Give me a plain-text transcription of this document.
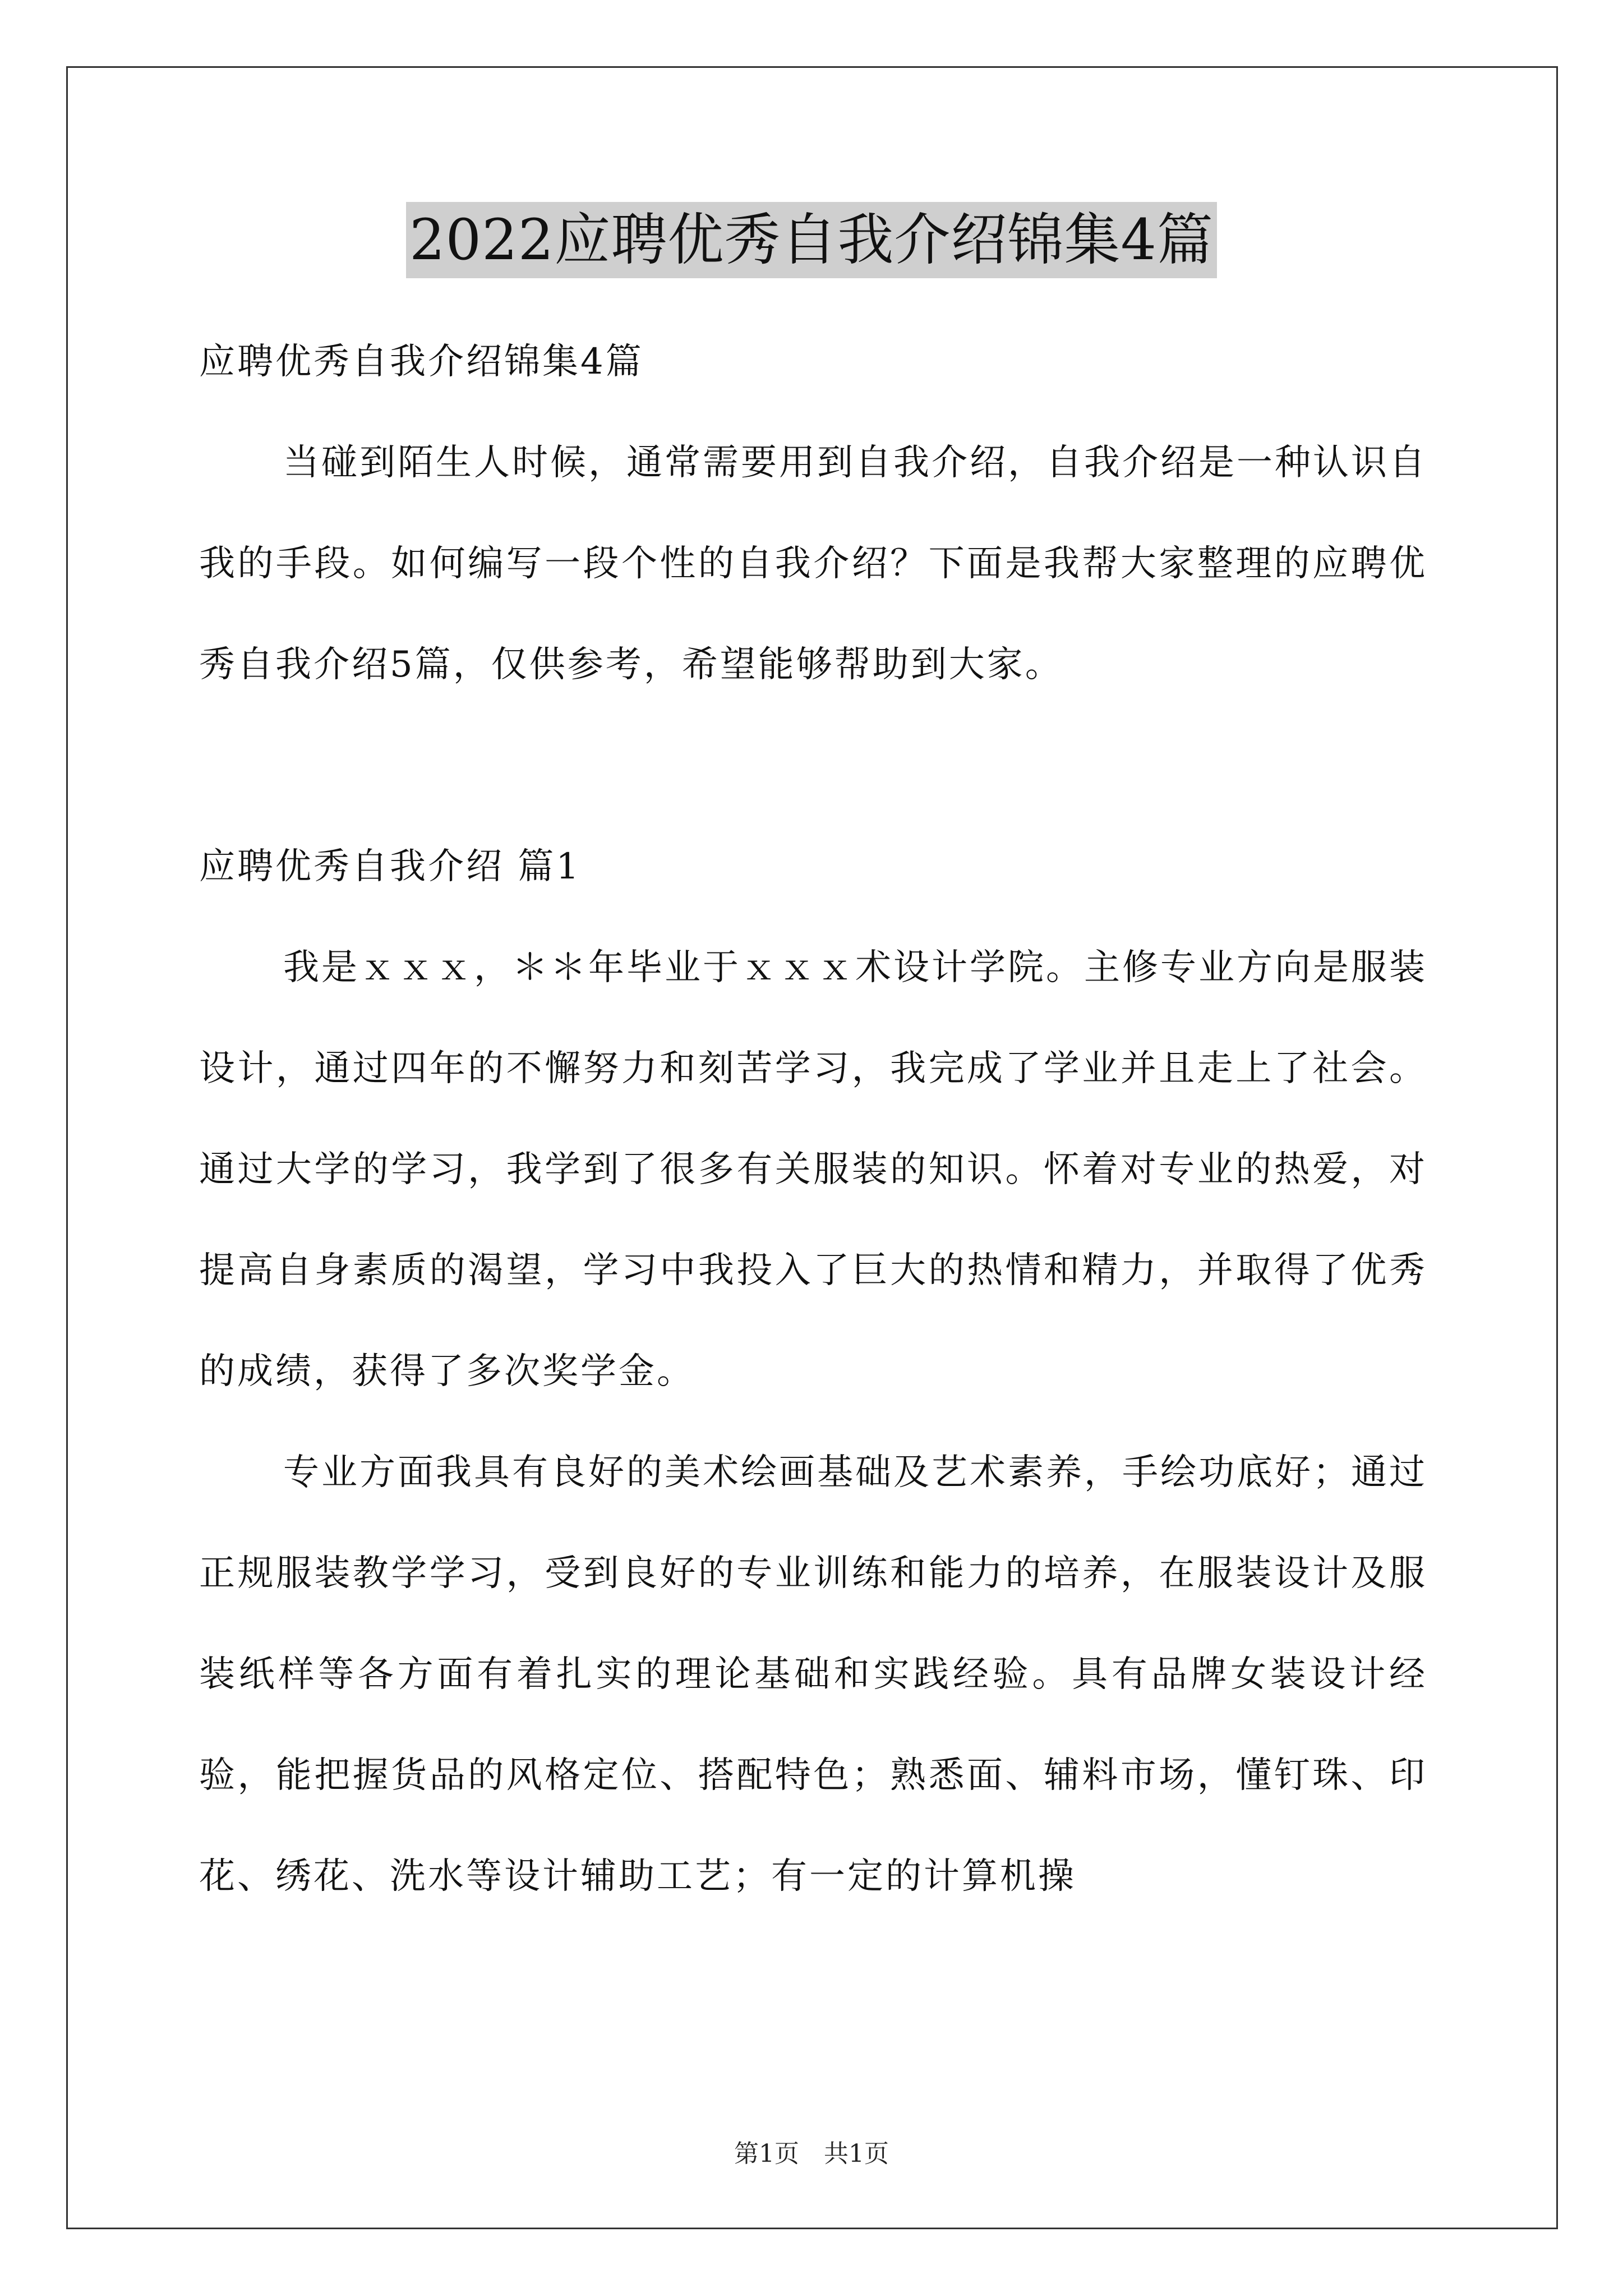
2022应聘优秀自我介绍锦集4篇

应聘优秀自我介绍锦集4篇

当碰到陌生人时候，通常需要用到自我介绍，自我介绍是一种认识自我的手段。如何编写一段个性的自我介绍？下面是我帮大家整理的应聘优秀自我介绍5篇，仅供参考，希望能够帮助到大家。

应聘优秀自我介绍 篇1

我是ｘｘｘ，＊＊年毕业于ｘｘｘ术设计学院。主修专业方向是服装设计，通过四年的不懈努力和刻苦学习，我完成了学业并且走上了社会。 通过大学的学习，我学到了很多有关服装的知识。怀着对专业的热爱，对提高自身素质的渴望，学习中我投入了巨大的热情和精力，并取得了优秀的成绩，获得了多次奖学金。

专业方面我具有良好的美术绘画基础及艺术素养，手绘功底好；通过正规服装教学学习，受到良好的专业训练和能力的培养，在服装设计及服装纸样等各方面有着扎实的理论基础和实践经验。具有品牌女装设计经验，能把握货品的风格定位、搭配特色；熟悉面、辅料市场，懂钉珠、印花、绣花、洗水等设计辅助工艺；有一定的计算机操

第1页　共1页
